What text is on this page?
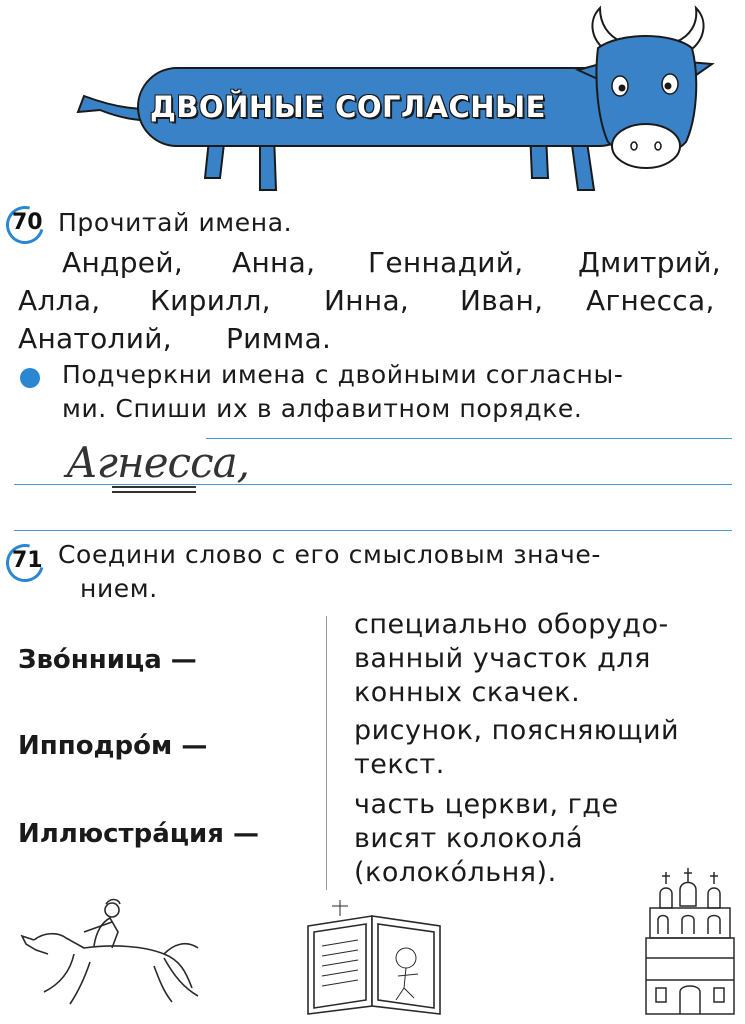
ДВОЙНЫЕ СОГЛАСНЫЕ
70 Прочитай имена.
Андрей, Анна, Геннадий, Дмитрий,
Алла, Кирилл, Инна, Иван, Агнесса,
Анатолий, Римма.
Подчеркни имена с двойными согласны-
ми. Спиши их в алфавитном порядке.
Агнесса,
71 Соедини слово с его смысловым значе-
нием.
Зво́нница —
Ипподро́м —
Иллюстра́ция —
специально оборудо-
ванный участок для
конных скачек.
рисунок, поясняющий
текст.
часть церкви, где
висят колокола́
(колоко́льня).
